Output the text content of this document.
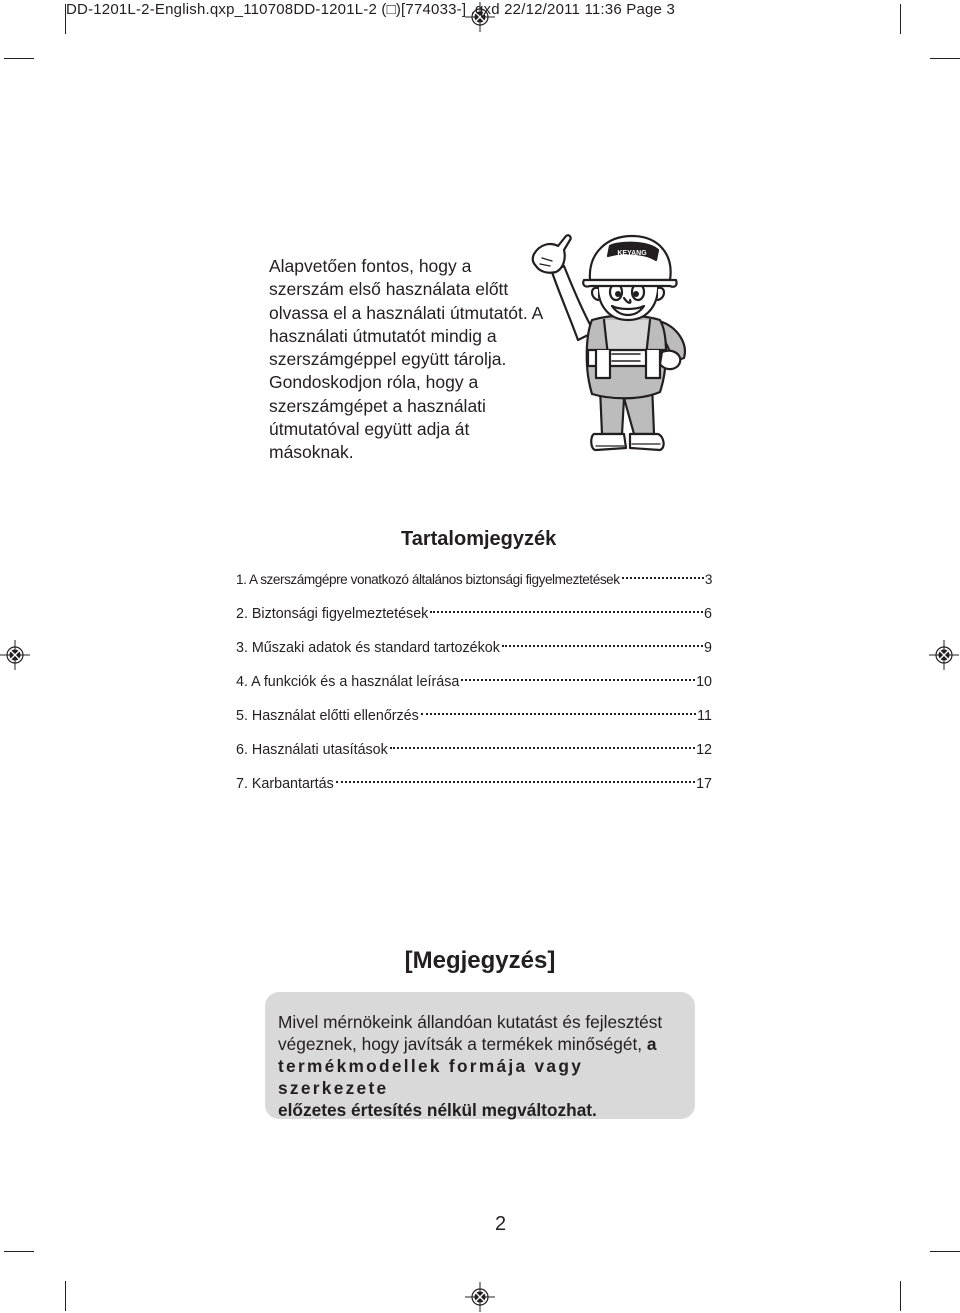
DD-1201L-2-English.qxp_110708DD-1201L-2 (□)[774033-] .qxd 22/12/2011 11:36 Page 3
Alapvetően fontos, hogy a
szerszám első használata előtt
olvassa el a használati útmutatót. A
használati útmutatót mindig a
szerszámgéppel együtt tárolja.
Gondoskodjon róla, hogy a
szerszámgépet a használati
útmutatóval együtt adja át
másoknak.
KEYANG
Tartalomjegyzék
1. A szerszámgépre vonatkozó általános biztonsági figyelmeztetések	3
2. Biztonsági figyelmeztetések	6
3. Műszaki adatok és standard tartozékok	9
4. A funkciók és a használat leírása	10
5. Használat előtti ellenőrzés	11
6. Használati utasítások	12
7. Karbantartás	17
[Megjegyzés]

Mivel mérnökeink állandóan kutatást és fejlesztést

végeznek, hogy javítsák a termékek minőségét, a

termékmodellek formája vagy szerkezete

előzetes értesítés nélkül megváltozhat.

2
